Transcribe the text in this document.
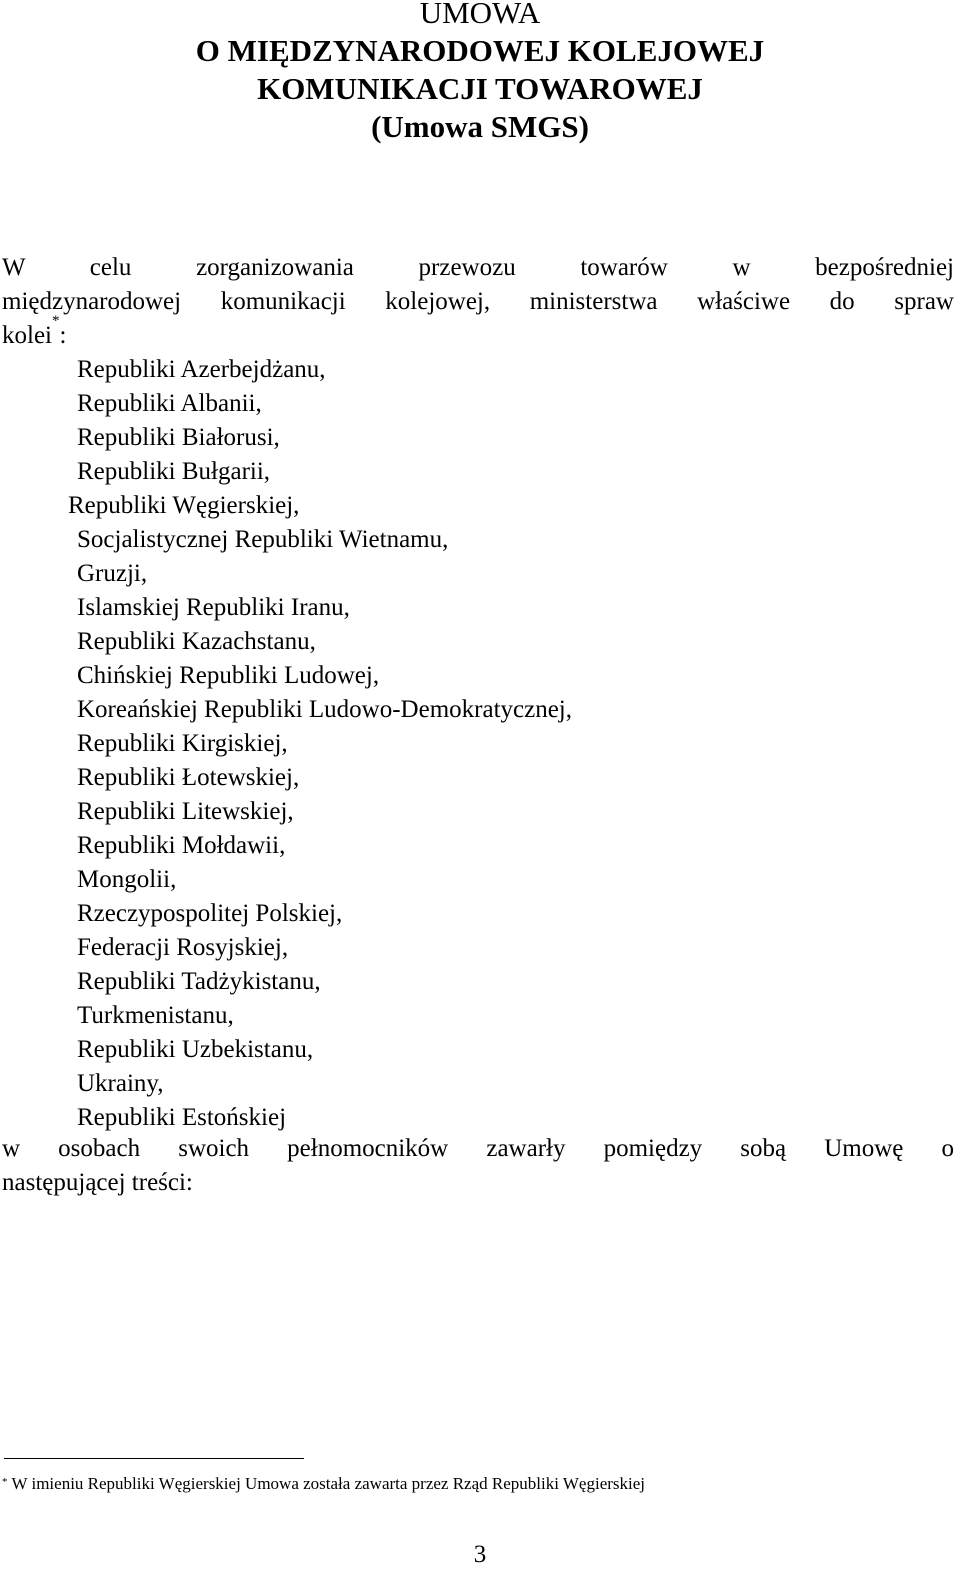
UMOWA
O MIĘDZYNARODOWEJ KOLEJOWEJ
KOMUNIKACJI TOWAROWEJ
(Umowa SMGS)
W celu zorganizowania przewozu towarów w bezpośredniej
międzynarodowej komunikacji kolejowej, ministerstwa właściwe do spraw
kolei*:
Republiki Azerbejdżanu,
Republiki Albanii,
Republiki Białorusi,
Republiki Bułgarii,
Republiki Węgierskiej,
Socjalistycznej Republiki Wietnamu,
Gruzji,
Islamskiej Republiki Iranu,
Republiki Kazachstanu,
Chińskiej Republiki Ludowej,
Koreańskiej Republiki Ludowo-Demokratycznej,
Republiki Kirgiskiej,
Republiki Łotewskiej,
Republiki Litewskiej,
Republiki Mołdawii,
Mongolii,
Rzeczypospolitej Polskiej,
Federacji Rosyjskiej,
Republiki Tadżykistanu,
Turkmenistanu,
Republiki Uzbekistanu,
Ukrainy,
Republiki Estońskiej
w osobach swoich pełnomocników zawarły pomiędzy sobą Umowę o
następującej treści:
* W imieniu Republiki Węgierskiej Umowa została zawarta przez Rząd Republiki Węgierskiej
3
